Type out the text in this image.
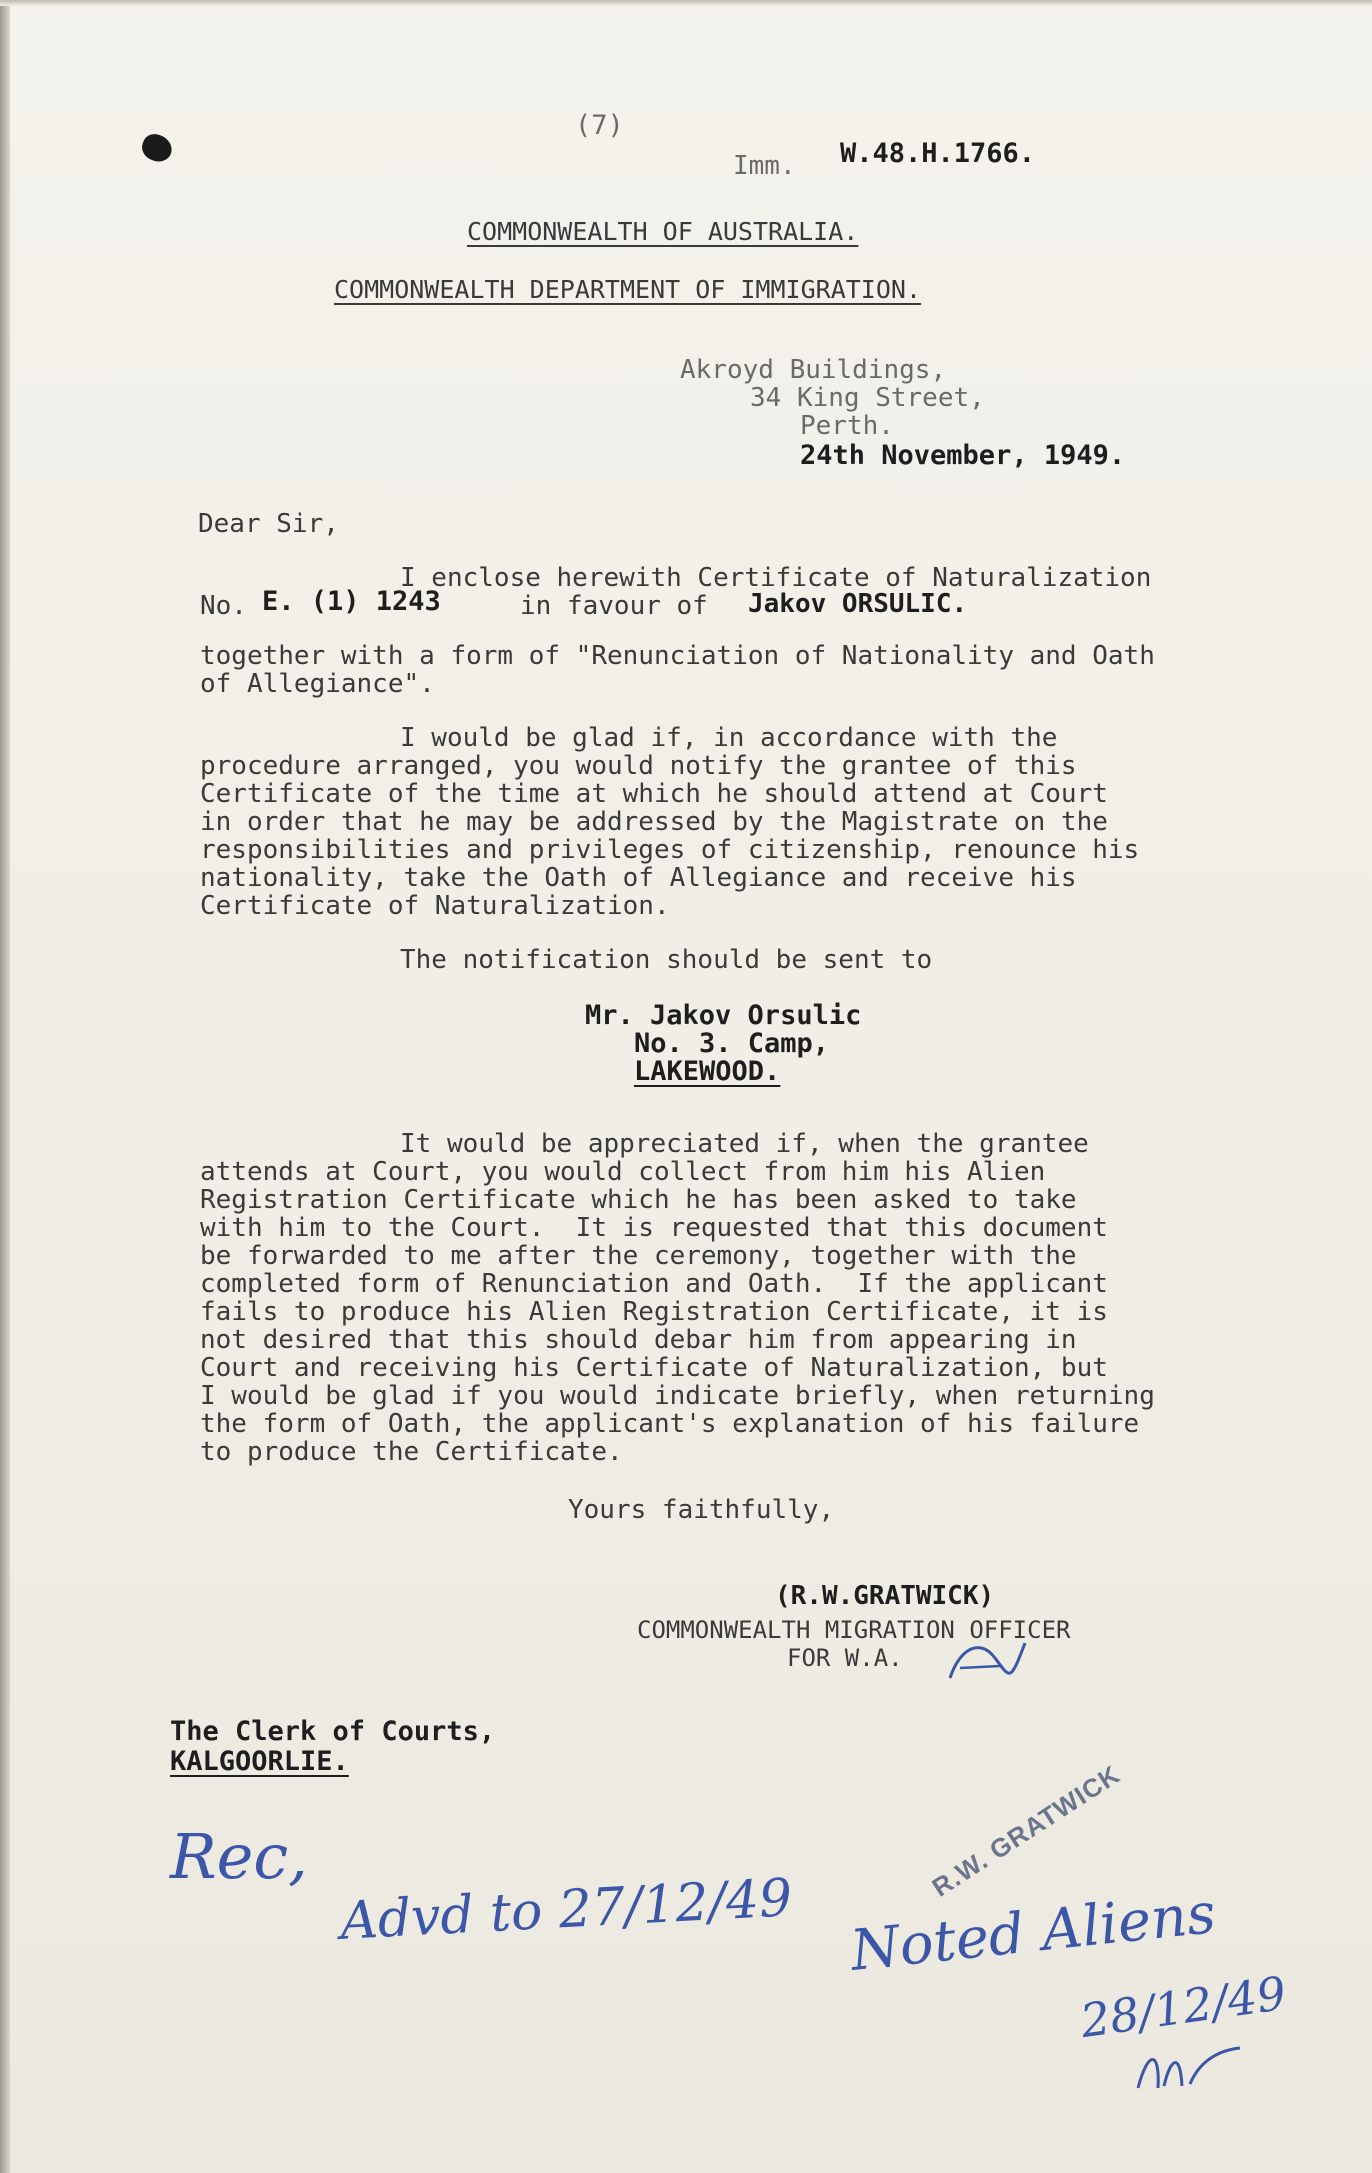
(7)
Imm. W.48.H.1766.
COMMONWEALTH OF AUSTRALIA.
COMMONWEALTH DEPARTMENT OF IMMIGRATION.
Akroyd Buildings,
34 King Street,
Perth.
24th November, 1949.
Dear Sir,
I enclose herewith Certificate of Naturalization
No. E. (1) 1243	in favour of Jakov ORSULIC.
together with a form of "Renunciation of Nationality and Oath
of Allegiance".
I would be glad if, in accordance with the
procedure arranged, you would notify the grantee of this
Certificate of the time at which he should attend at Court
in order that he may be addressed by the Magistrate on the
responsibilities and privileges of citizenship, renounce his
nationality, take the Oath of Allegiance and receive his
Certificate of Naturalization.
The notification should be sent to
Mr. Jakov Orsulic
No. 3. Camp,
LAKEWOOD.
It would be appreciated if, when the grantee
attends at Court, you would collect from him his Alien
Registration Certificate which he has been asked to take
with him to the Court.  It is requested that this document
be forwarded to me after the ceremony, together with the
completed form of Renunciation and Oath.  If the applicant
fails to produce his Alien Registration Certificate, it is
not desired that this should debar him from appearing in
Court and receiving his Certificate of Naturalization, but
I would be glad if you would indicate briefly, when returning
the form of Oath, the applicant's explanation of his failure
to produce the Certificate.
Yours faithfully,
(R.W.GRATWICK)
COMMONWEALTH MIGRATION OFFICER
FOR W.A.
The Clerk of Courts,
KALGOORLIE.	R.W. GRATWICK
Rec,
Advd to 27/12/49 Noted Aliens
28/12/49
